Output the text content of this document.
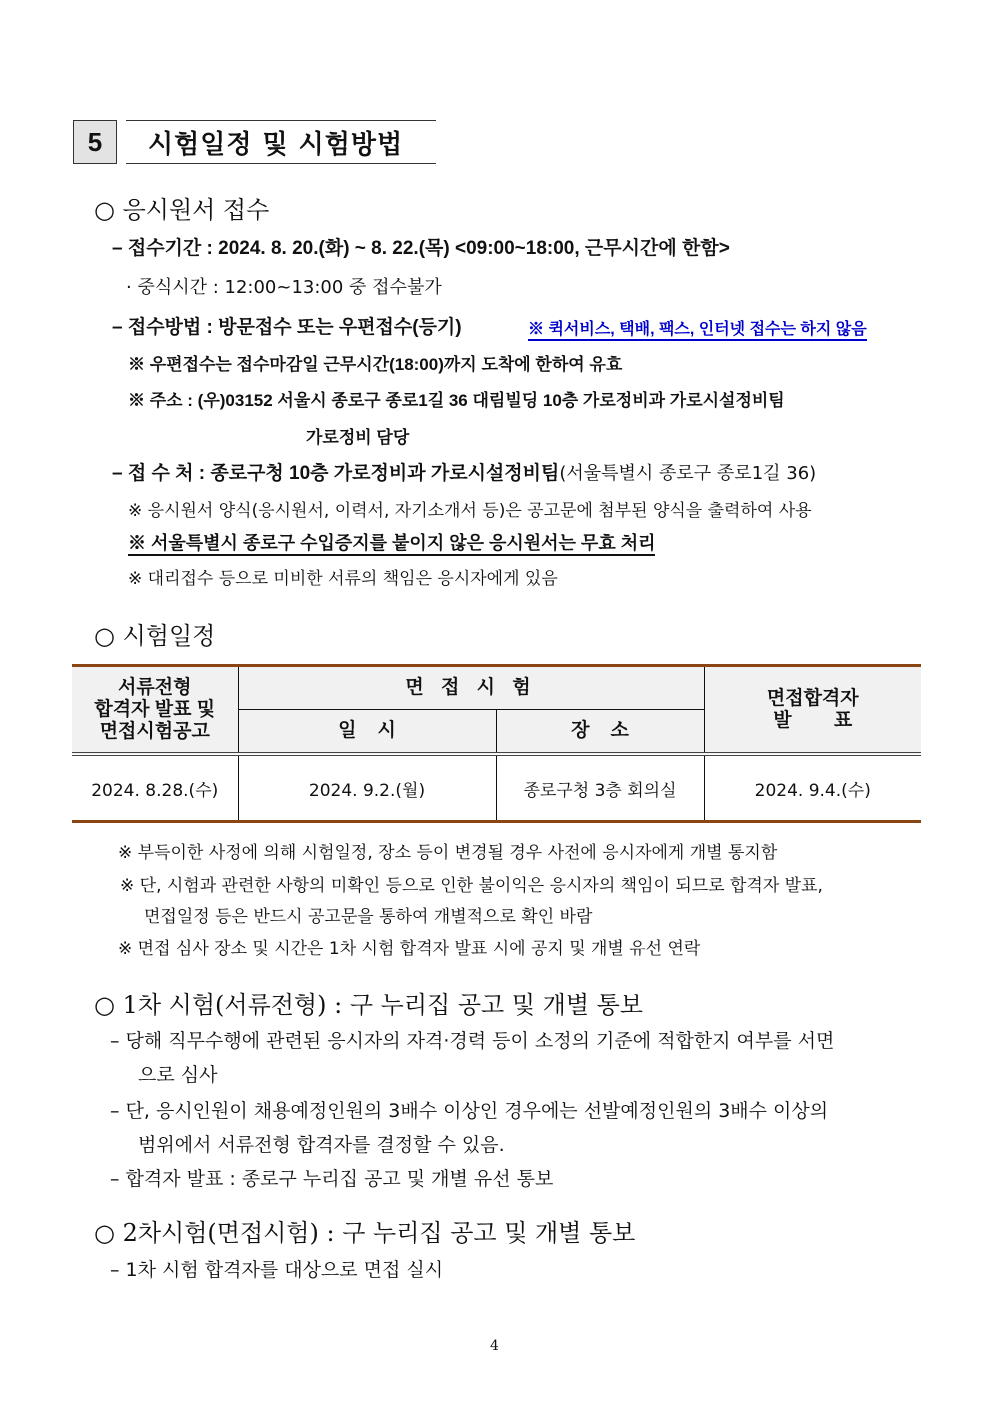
5	시험일정 및 시험방법
○ 응시원서 접수
– 접수기간 : 2024. 8. 20.(화) ~ 8. 22.(목) <09:00~18:00, 근무시간에 한함>
· 중식시간 : 12:00~13:00 중 접수불가
– 접수방법 : 방문접수 또는 우편접수(등기)	※ 퀵서비스, 택배, 팩스, 인터넷 접수는 하지 않음
※ 우편접수는 접수마감일 근무시간(18:00)까지 도착에 한하여 유효
※ 주소 : (우)03152 서울시 종로구 종로1길 36 대림빌딩 10층 가로정비과 가로시설정비팀
가로정비 담당
– 접 수 처 : 종로구청 10층 가로정비과 가로시설정비팀(서울특별시 종로구 종로1길 36)
※ 응시원서 양식(응시원서, 이력서, 자기소개서 등)은 공고문에 첨부된 양식을 출력하여 사용
※ 서울특별시 종로구 수입증지를 붙이지 않은 응시원서는 무효 처리
※ 대리접수 등으로 미비한 서류의 책임은 응시자에게 있음
○ 시험일정
서류전형
합격자 발표 및
면접시험공고
	면 접 시 험	면접합격자
발        표

	일    시	장    소	
2024. 8.28.(수)	2024. 9.2.(월)	종로구청 3층 회의실	2024. 9.4.(수)
※ 부득이한 사정에 의해 시험일정, 장소 등이 변경될 경우 사전에 응시자에게 개별 통지함
※ 단, 시험과 관련한 사항의 미확인 등으로 인한 불이익은 응시자의 책임이 되므로 합격자 발표,
면접일정 등은 반드시 공고문을 통하여 개별적으로 확인 바람
※ 면접 심사 장소 및 시간은 1차 시험 합격자 발표 시에 공지 및 개별 유선 연락
○ 1차 시험(서류전형) : 구 누리집 공고 및 개별 통보
– 당해 직무수행에 관련된 응시자의 자격·경력 등이 소정의 기준에 적합한지 여부를 서면
으로 심사
– 단, 응시인원이 채용예정인원의 3배수 이상인 경우에는 선발예정인원의 3배수 이상의
범위에서 서류전형 합격자를 결정할 수 있음.
– 합격자 발표 : 종로구 누리집 공고 및 개별 유선 통보
○ 2차시험(면접시험) : 구 누리집 공고 및 개별 통보
– 1차 시험 합격자를 대상으로 면접 실시
4
